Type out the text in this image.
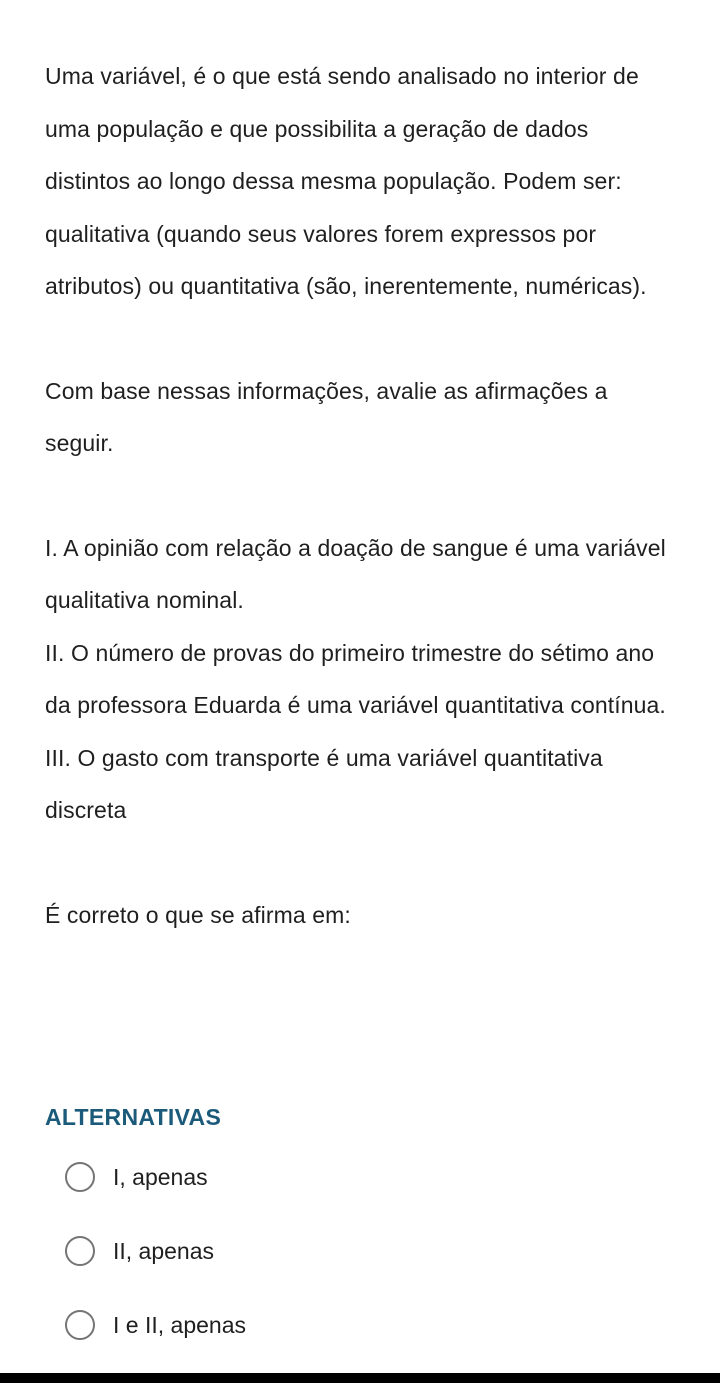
Uma variável, é o que está sendo analisado no interior de uma população e que possibilita a geração de dados distintos ao longo dessa mesma população. Podem ser: qualitativa (quando seus valores forem expressos por atributos) ou quantitativa (são, inerentemente, numéricas).

Com base nessas informações, avalie as afirmações a seguir.

I. A opinião com relação a doação de sangue é uma variável qualitativa nominal.

II. O número de provas do primeiro trimestre do sétimo ano da professora Eduarda é uma variável quantitativa contínua.

III. O gasto com transporte é uma variável quantitativa discreta

É correto o que se afirma em:

ALTERNATIVAS
I, apenas
II, apenas
I e II, apenas
